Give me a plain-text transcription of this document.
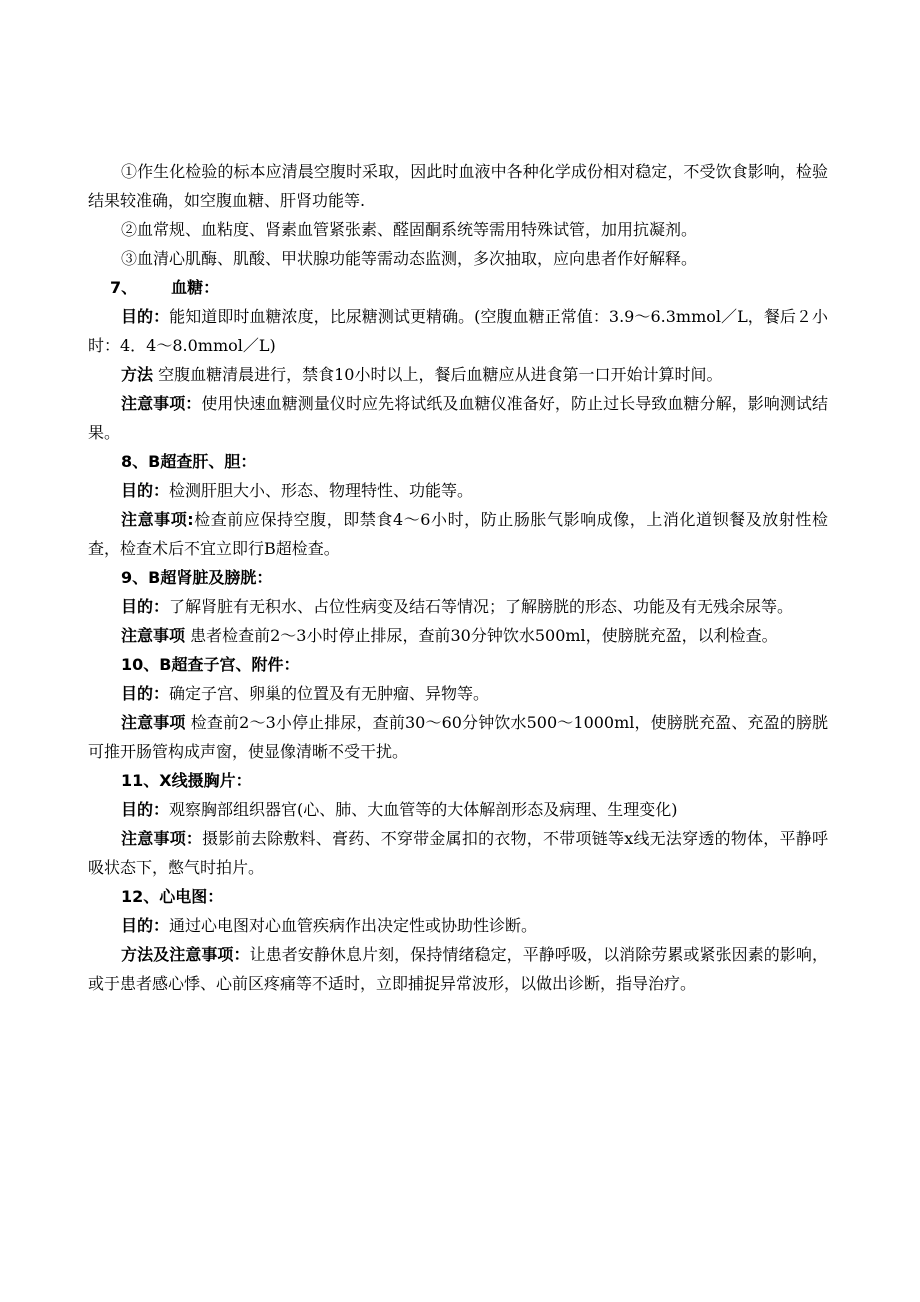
①作生化检验的标本应清晨空腹时采取，因此时血液中各种化学成份相对稳定，不受饮食影响，检验结果较准确，如空腹血糖、肝肾功能等.

②血常规、血粘度、肾素血管紧张素、醛固酮系统等需用特殊试管，加用抗凝剂。

③血清心肌酶、肌酸、甲状腺功能等需动态监测，多次抽取，应向患者作好解释。

7、 血糖：

目的：能知道即时血糖浓度，比尿糖测试更精确。(空腹血糖正常值：3.9～6.3mmol／L，餐后２小时：4．4～8.0mmol／L)

方法 空腹血糖清晨进行，禁食10小时以上，餐后血糖应从进食第一口开始计算时间。

注意事项：使用快速血糖测量仪时应先将试纸及血糖仪准备好，防止过长导致血糖分解，影响测试结果。

8、B超查肝、胆：

目的：检测肝胆大小、形态、物理特性、功能等。

注意事项:检查前应保持空腹，即禁食4～6小时，防止肠胀气影响成像，上消化道钡餐及放射性检查，检查术后不宜立即行B超检查。

9、B超肾脏及膀胱：

目的：了解肾脏有无积水、占位性病变及结石等情况；了解膀胱的形态、功能及有无残余尿等。

注意事项 患者检查前2～3小时停止排尿，查前30分钟饮水500ml，使膀胱充盈，以利检查。

10、B超查子宫、附件：

目的：确定子宫、卵巢的位置及有无肿瘤、异物等。

注意事项 检查前2～3小停止排尿，查前30～60分钟饮水500～1000ml，使膀胱充盈、充盈的膀胱可推开肠管构成声窗，使显像清晰不受干扰。

11、X线摄胸片：

目的：观察胸部组织器官(心、肺、大血管等的大体解剖形态及病理、生理变化)

注意事项：摄影前去除敷料、膏药、不穿带金属扣的衣物，不带项链等x线无法穿透的物体，平静呼吸状态下，憋气时拍片。

12、心电图：

目的：通过心电图对心血管疾病作出决定性或协助性诊断。

方法及注意事项：让患者安静休息片刻，保持情绪稳定，平静呼吸，以消除劳累或紧张因素的影响，或于患者感心悸、心前区疼痛等不适时，立即捕捉异常波形，以做出诊断，指导治疗。
